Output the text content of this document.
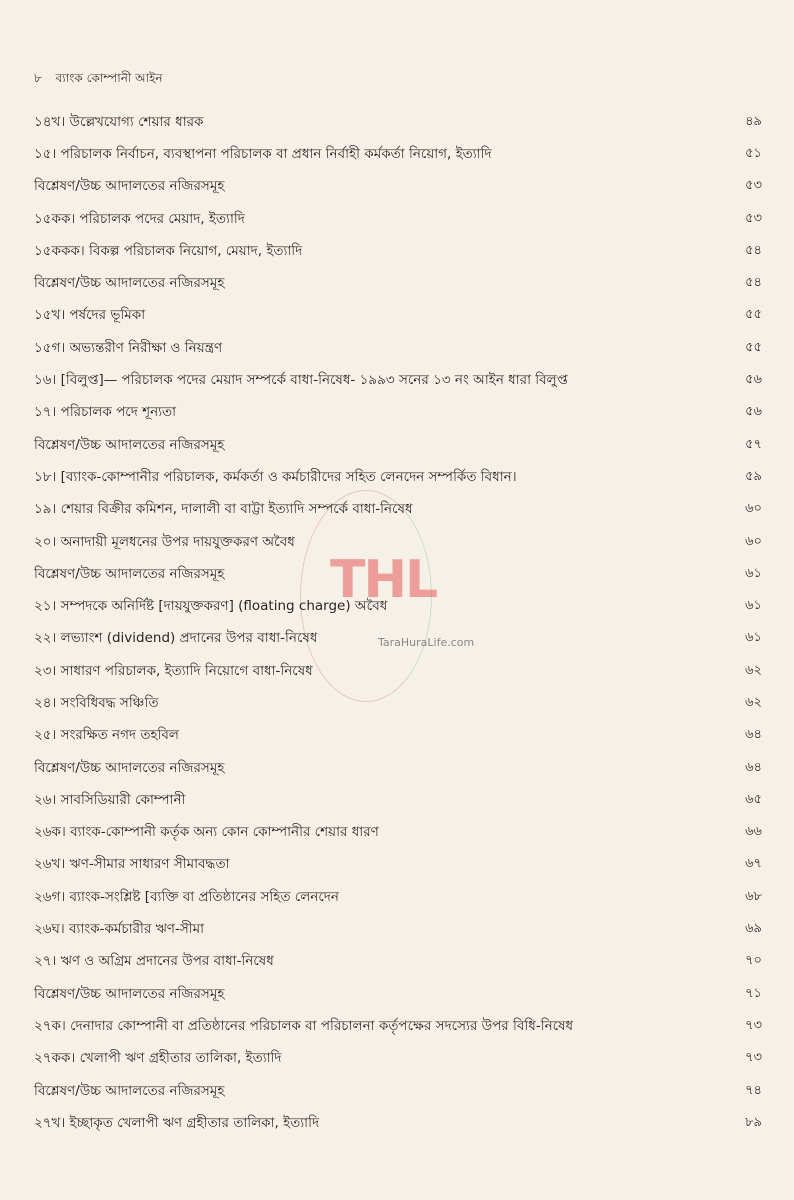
৮ ব্যাংক কোম্পানী আইন
THL
TaraHuraLife.com
১৪খ। উল্লেখযোগ্য শেয়ার ধারক	৪৯
১৫। পরিচালক নির্বাচন, ব্যবস্থাপনা পরিচালক বা প্রধান নির্বাহী কর্মকর্তা নিয়োগ, ইত্যাদি	৫১
বিশ্লেষণ/উচ্চ আদালতের নজিরসমূহ	৫৩
১৫কক। পরিচালক পদের মেয়াদ, ইত্যাদি	৫৩
১৫ককক। বিকল্প পরিচালক নিয়োগ, মেয়াদ, ইত্যাদি	৫৪
বিশ্লেষণ/উচ্চ আদালতের নজিরসমূহ	৫৪
১৫খ। পর্ষদের ভূমিকা	৫৫
১৫গ। অভ্যন্তরীণ নিরীক্ষা ও নিয়ন্ত্রণ	৫৫
১৬। [বিলুপ্ত]— পরিচালক পদের মেয়াদ সম্পর্কে বাধা-নিষেধ- ১৯৯৩ সনের ১৩ নং আইন ধারা বিলুপ্ত	৫৬
১৭। পরিচালক পদে শূন্যতা	৫৬
বিশ্লেষণ/উচ্চ আদালতের নজিরসমূহ	৫৭
১৮। [ব্যাংক-কোম্পানীর পরিচালক, কর্মকর্তা ও কর্মচারীদের সহিত লেনদেন সম্পর্কিত বিধান।	৫৯
১৯। শেয়ার বিক্রীর কমিশন, দালালী বা বাট্টা ইত্যাদি সম্পর্কে বাধা-নিষেধ	৬০
২০। অনাদায়ী মূলধনের উপর দায়যুক্তকরণ অবৈধ	৬০
বিশ্লেষণ/উচ্চ আদালতের নজিরসমূহ	৬১
২১। সম্পদকে অনির্দিষ্ট [দায়যুক্তকরণ] (floating charge) অবৈধ	৬১
২২। লভ্যাংশ (dividend) প্রদানের উপর বাধা-নিষেধ	৬১
২৩। সাধারণ পরিচালক, ইত্যাদি নিয়োগে বাধা-নিষেধ	৬২
২৪। সংবিধিবদ্ধ সঞ্চিতি	৬২
২৫। সংরক্ষিত নগদ তহবিল	৬৪
বিশ্লেষণ/উচ্চ আদালতের নজিরসমূহ	৬৪
২৬। সাবসিডিয়ারী কোম্পানী	৬৫
২৬ক। ব্যাংক-কোম্পানী কর্তৃক অন্য কোন কোম্পানীর শেয়ার ধারণ	৬৬
২৬খ। ঋণ-সীমার সাধারণ সীমাবদ্ধতা	৬৭
২৬গ। ব্যাংক-সংশ্লিষ্ট [ব্যক্তি বা প্রতিষ্ঠানের সহিত লেনদেন	৬৮
২৬ঘ। ব্যাংক-কর্মচারীর ঋণ-সীমা	৬৯
২৭। ঋণ ও অগ্রিম প্রদানের উপর বাধা-নিষেধ	৭০
বিশ্লেষণ/উচ্চ আদালতের নজিরসমূহ	৭১
২৭ক। দেনাদার কোম্পানী বা প্রতিষ্ঠানের পরিচালক বা পরিচালনা কর্তৃপক্ষের সদস্যের উপর বিধি-নিষেধ	৭৩
২৭কক। খেলাপী ঋণ গ্রহীতার তালিকা, ইত্যাদি	৭৩
বিশ্লেষণ/উচ্চ আদালতের নজিরসমূহ	৭৪
২৭খ। ইচ্ছাকৃত খেলাপী ঋণ গ্রহীতার তালিকা, ইত্যাদি	৮৯
